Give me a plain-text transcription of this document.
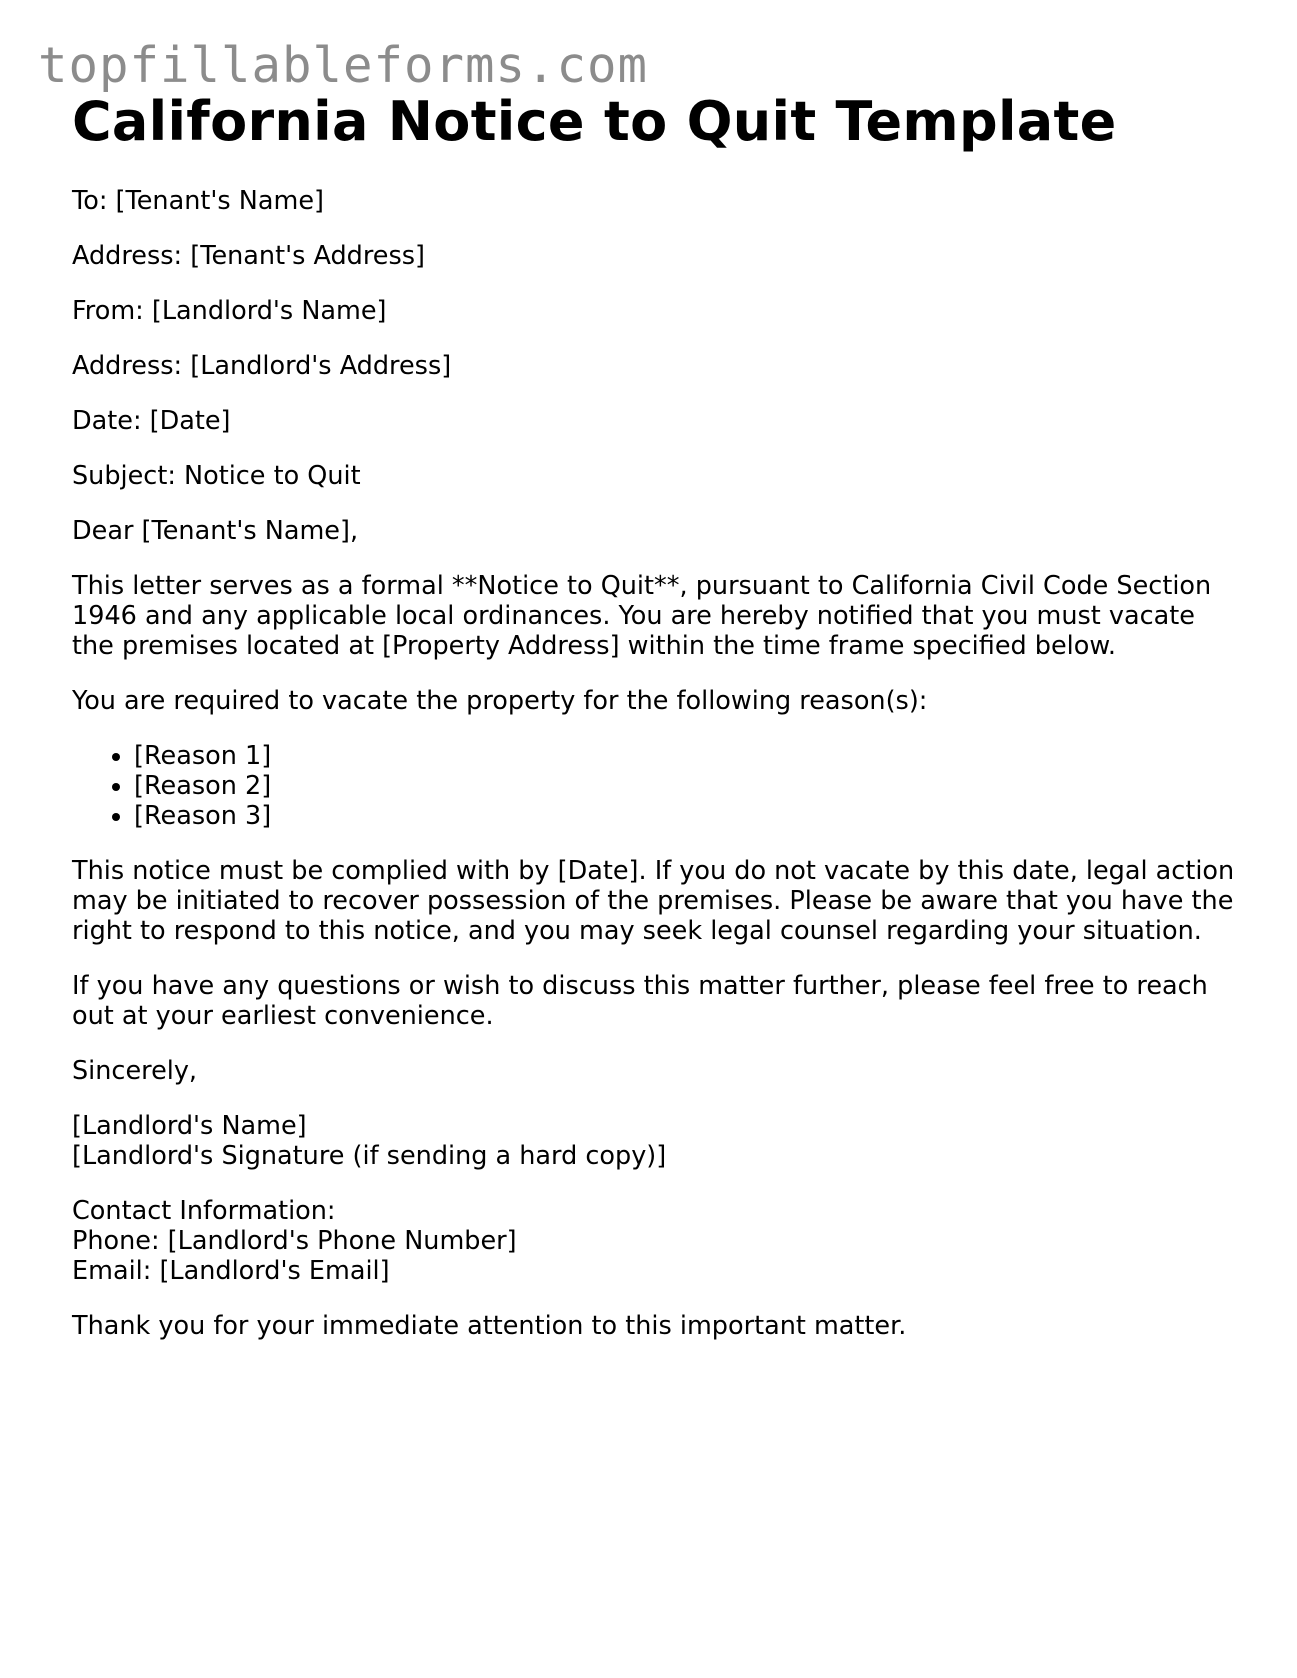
topfillableforms.com
California Notice to Quit Template

To: [Tenant's Name]

Address: [Tenant's Address]

From: [Landlord's Name]

Address: [Landlord's Address]

Date: [Date]

Subject: Notice to Quit

Dear [Tenant's Name],

This letter serves as a formal **Notice to Quit**, pursuant to California Civil Code Section 1946 and any applicable local ordinances. You are hereby notified that you must vacate the premises located at [Property Address] within the time frame specified below.

You are required to vacate the property for the following reason(s):

• [Reason 1]
• [Reason 2]
• [Reason 3]

This notice must be complied with by [Date]. If you do not vacate by this date, legal action may be initiated to recover possession of the premises. Please be aware that you have the right to respond to this notice, and you may seek legal counsel regarding your situation.

If you have any questions or wish to discuss this matter further, please feel free to reach out at your earliest convenience.

Sincerely,

[Landlord's Name]
[Landlord's Signature (if sending a hard copy)]

Contact Information:
Phone: [Landlord's Phone Number]
Email: [Landlord's Email]

Thank you for your immediate attention to this important matter.
